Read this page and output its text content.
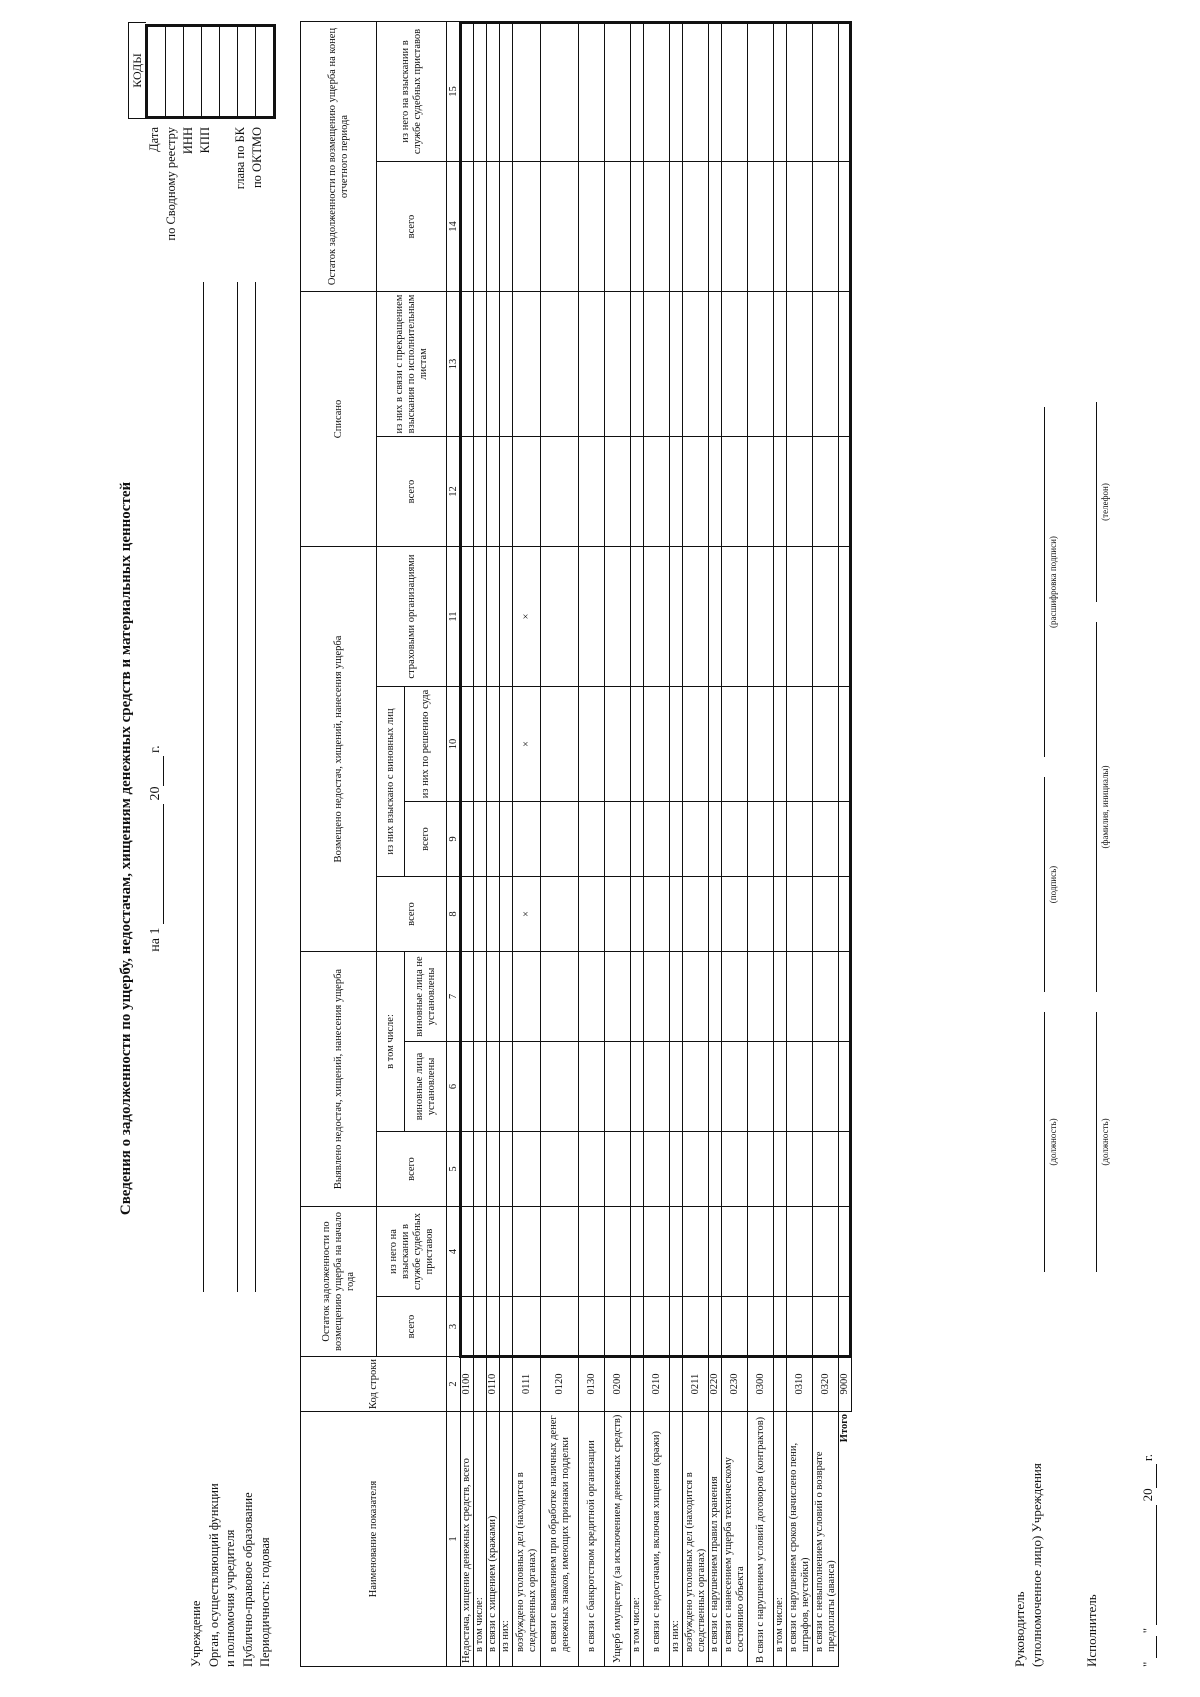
Сведения о задолженности по ущербу, недостачам, хищениям денежных средств и материальных ценностей на 1  20 г.
Учреждение Орган, осуществляющий функции и полномочия учредителя Публично-правовое образование Периодичность: годовая
Дата по Сводному реестру ИНН КПП глава по БК по ОКТМО
КОДЫ
Наименование показателя	Код строки	Остаток задолженности по возмещению ущерба на начало года		Выявлено недостач, хищений, нанесения ущерба			Возмещено недостач, хищений, нанесения ущерба				Списано		Остаток задолженности по возмещению ущерба на конец отчетного периода	
		всего	из него на взыскании в службе судебных приставов	всего	в том числе:		всего	из них взыскано с виновных лиц		страховыми организациями	всего	из них в связи с прекращением взыскания по исполнительным листам	всего	из него на взыскании в службе судебных приставов
					виновные лица установлены	виновные лица не установлены		всего	из них по решению суда					
1	2	3	4	5	6	7	8	9	10	11	12	13	14	15
Недостача, хищение денежных средств, всего	0100													
в том числе:														
в связи с хищением (кражами)	0110													
из них:														
возбуждено уголовных дел (находится в следственных органах)	0111						×		×	×				
в связи с выявлением при обработке наличных денег денежных знаков, имеющих признаки подделки	0120													
в связи с банкротством кредитной организации	0130													
Ущерб имуществу (за исключением денежных средств)	0200													
в том числе:														
в связи с недостачами, включая хищения (кражи)	0210													
из них:														
возбуждено уголовных дел (находится в следственных органах)	0211													
в связи с нарушением правил хранения	0220													
в связи с нанесением ущерба техническому состоянию объекта	0230													
В связи с нарушением условий договоров (контрактов)	0300													
в том числе:														
в связи с нарушением сроков (начислено пени, штрафов, неустойки)	0310													
в связи с невыполнением условий о возврате предоплаты (аванса)	0320													
Итого	9000													
Руководитель (уполномоченное лицо) Учреждения
(должность)
(подпись)
(расшифровка подписи)
Исполнитель
(должность)
(фамилия, инициалы)
(телефон)
"   "   20  г.
